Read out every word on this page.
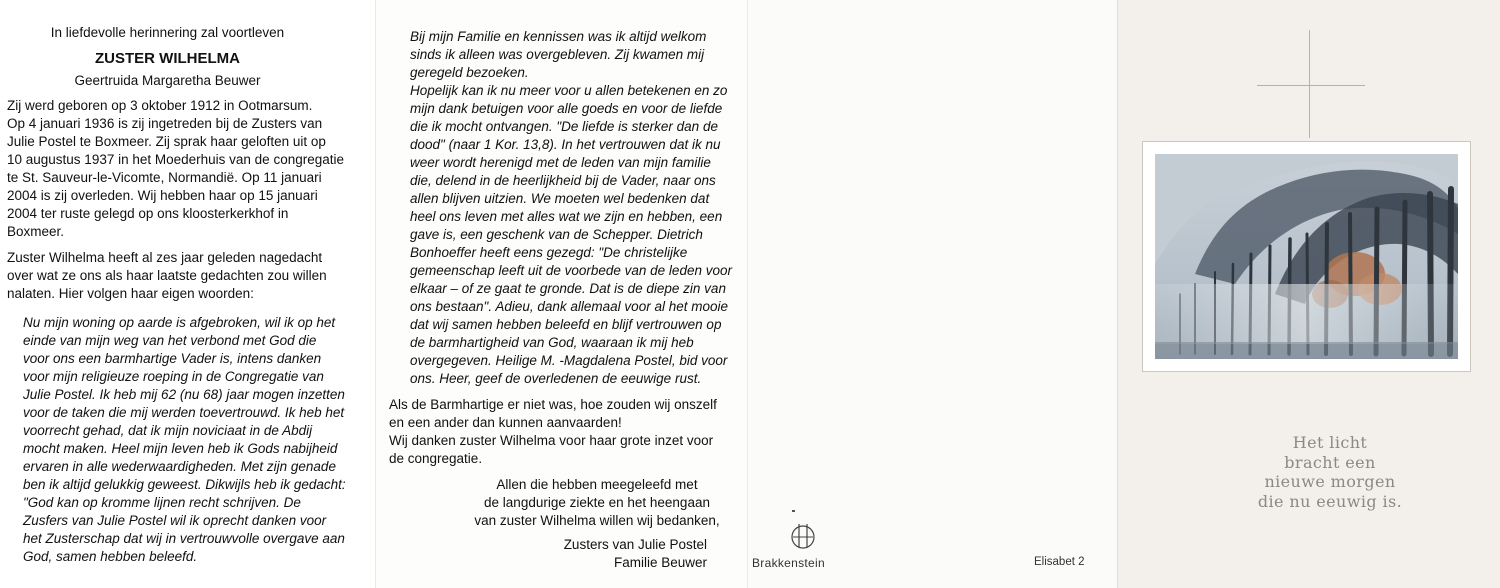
In liefdevolle herinnering zal voortleven
ZUSTER WILHELMA
Geertruida Margaretha Beuwer
Zij werd geboren op 3 oktober 1912 in Ootmarsum.
Op 4 januari 1936 is zij ingetreden bij de Zusters van
Julie Postel te Boxmeer. Zij sprak haar geloften uit op
10 augustus 1937 in het Moederhuis van de congregatie
te St. Sauveur-le-Vicomte, Normandië. Op 11 januari
2004 is zij overleden. Wij hebben haar op 15 januari
2004 ter ruste gelegd op ons kloosterkerkhof in
Boxmeer.
Zuster Wilhelma heeft al zes jaar geleden nagedacht
over wat ze ons als haar laatste gedachten zou willen
nalaten. Hier volgen haar eigen woorden:
Nu mijn woning op aarde is afgebroken, wil ik op het
einde van mijn weg van het verbond met God die
voor ons een barmhartige Vader is, intens danken
voor mijn religieuze roeping in de Congregatie van
Julie Postel. Ik heb mij 62 (nu 68) jaar mogen inzetten
voor de taken die mij werden toevertrouwd. Ik heb het
voorrecht gehad, dat ik mijn noviciaat in de Abdij
mocht maken. Heel mijn leven heb ik Gods nabijheid
ervaren in alle wederwaardigheden. Met zijn genade
ben ik altijd gelukkig geweest. Dikwijls heb ik gedacht:
"God kan op kromme lijnen recht schrijven. De
Zusfers van Julie Postel wil ik oprecht danken voor
het Zusterschap dat wij in vertrouwvolle overgave aan
God, samen hebben beleefd.
Bij mijn Familie en kennissen was ik altijd welkom
sinds ik alleen was overgebleven. Zij kwamen mij
geregeld bezoeken.
Hopelijk kan ik nu meer voor u allen betekenen en zo
mijn dank betuigen voor alle goeds en voor de liefde
die ik mocht ontvangen. "De liefde is sterker dan de
dood" (naar 1 Kor. 13,8). In het vertrouwen dat ik nu
weer wordt herenigd met de leden van mijn familie
die, delend in de heerlijkheid bij de Vader, naar ons
allen blijven uitzien. We moeten wel bedenken dat
heel ons leven met alles wat we zijn en hebben, een
gave is, een geschenk van de Schepper. Dietrich
Bonhoeffer heeft eens gezegd: "De christelijke
gemeenschap leeft uit de voorbede van de leden voor
elkaar – of ze gaat te gronde. Dat is de diepe zin van
ons bestaan". Adieu, dank allemaal voor al het mooie
dat wij samen hebben beleefd en blijf vertrouwen op
de barmhartigheid van God, waaraan ik mij heb
overgegeven. Heilige M. -Magdalena Postel, bid voor
ons. Heer, geef de overledenen de eeuwige rust.
Als de Barmhartige er niet was, hoe zouden wij onszelf
en een ander dan kunnen aanvaarden!
Wij danken zuster Wilhelma voor haar grote inzet voor
de congregatie.
Allen die hebben meegeleefd met
de langdurige ziekte en het heengaan
van zuster Wilhelma willen wij bedanken,
Zusters van Julie Postel
Familie Beuwer	Brakkenstein	Elisabet 2
Het licht
bracht een
nieuwe morgen
die nu eeuwig is.
